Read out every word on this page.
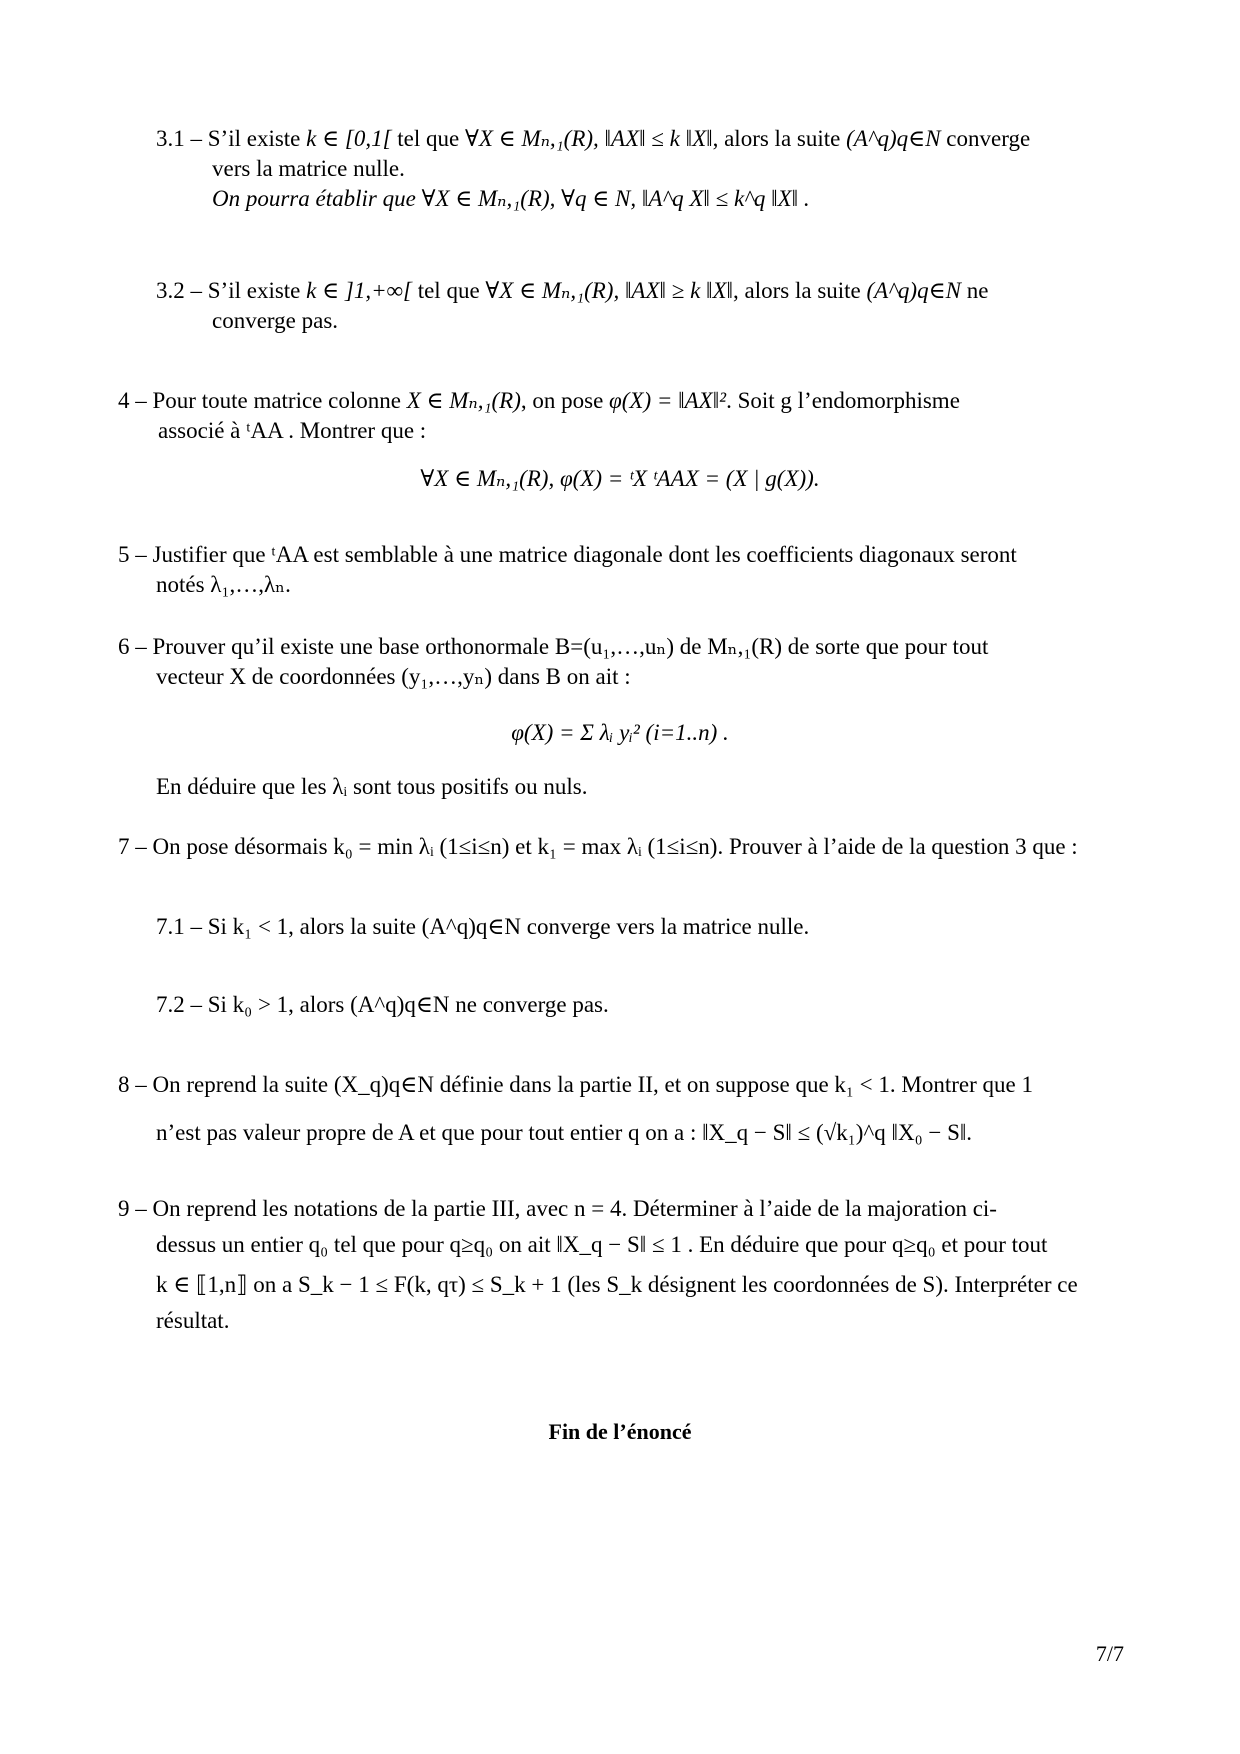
3.1 – S’il existe k ∈ [0,1[ tel que ∀X ∈ Mₙ,₁(R), ‖AX‖ ≤ k ‖X‖, alors la suite (A^q)q∈N converge
vers la matrice nulle.
On pourra établir que ∀X ∈ Mₙ,₁(R), ∀q ∈ N, ‖A^q X‖ ≤ k^q ‖X‖ .
3.2 – S’il existe k ∈ ]1,+∞[ tel que ∀X ∈ Mₙ,₁(R), ‖AX‖ ≥ k ‖X‖, alors la suite (A^q)q∈N ne
converge pas.
4 – Pour toute matrice colonne X ∈ Mₙ,₁(R), on pose φ(X) = ‖AX‖². Soit g l’endomorphisme
associé à ᵗAA . Montrer que :
∀X ∈ Mₙ,₁(R), φ(X) = ᵗX ᵗAAX = (X | g(X)).
5 – Justifier que ᵗAA est semblable à une matrice diagonale dont les coefficients diagonaux seront
notés λ₁,…,λₙ.
6 – Prouver qu’il existe une base orthonormale B=(u₁,…,uₙ) de Mₙ,₁(R) de sorte que pour tout
vecteur X de coordonnées (y₁,…,yₙ) dans B on ait :
φ(X) = Σ λᵢ yᵢ² (i=1..n) .
En déduire que les λᵢ sont tous positifs ou nuls.
7 – On pose désormais k₀ = min λᵢ (1≤i≤n) et k₁ = max λᵢ (1≤i≤n). Prouver à l’aide de la question 3 que :
7.1 – Si k₁ < 1, alors la suite (A^q)q∈N converge vers la matrice nulle.
7.2 – Si k₀ > 1, alors (A^q)q∈N ne converge pas.
8 – On reprend la suite (X_q)q∈N définie dans la partie II, et on suppose que k₁ < 1. Montrer que 1
n’est pas valeur propre de A et que pour tout entier q on a : ‖X_q − S‖ ≤ (√k₁)^q ‖X₀ − S‖.
9 – On reprend les notations de la partie III, avec n = 4. Déterminer à l’aide de la majoration ci-
dessus un entier q₀ tel que pour q≥q₀ on ait ‖X_q − S‖ ≤ 1 . En déduire que pour q≥q₀ et pour tout
k ∈ ⟦1,n⟧ on a S_k − 1 ≤ F(k, qτ) ≤ S_k + 1 (les S_k désignent les coordonnées de S). Interpréter ce
résultat.
Fin de l’énoncé
7/7
